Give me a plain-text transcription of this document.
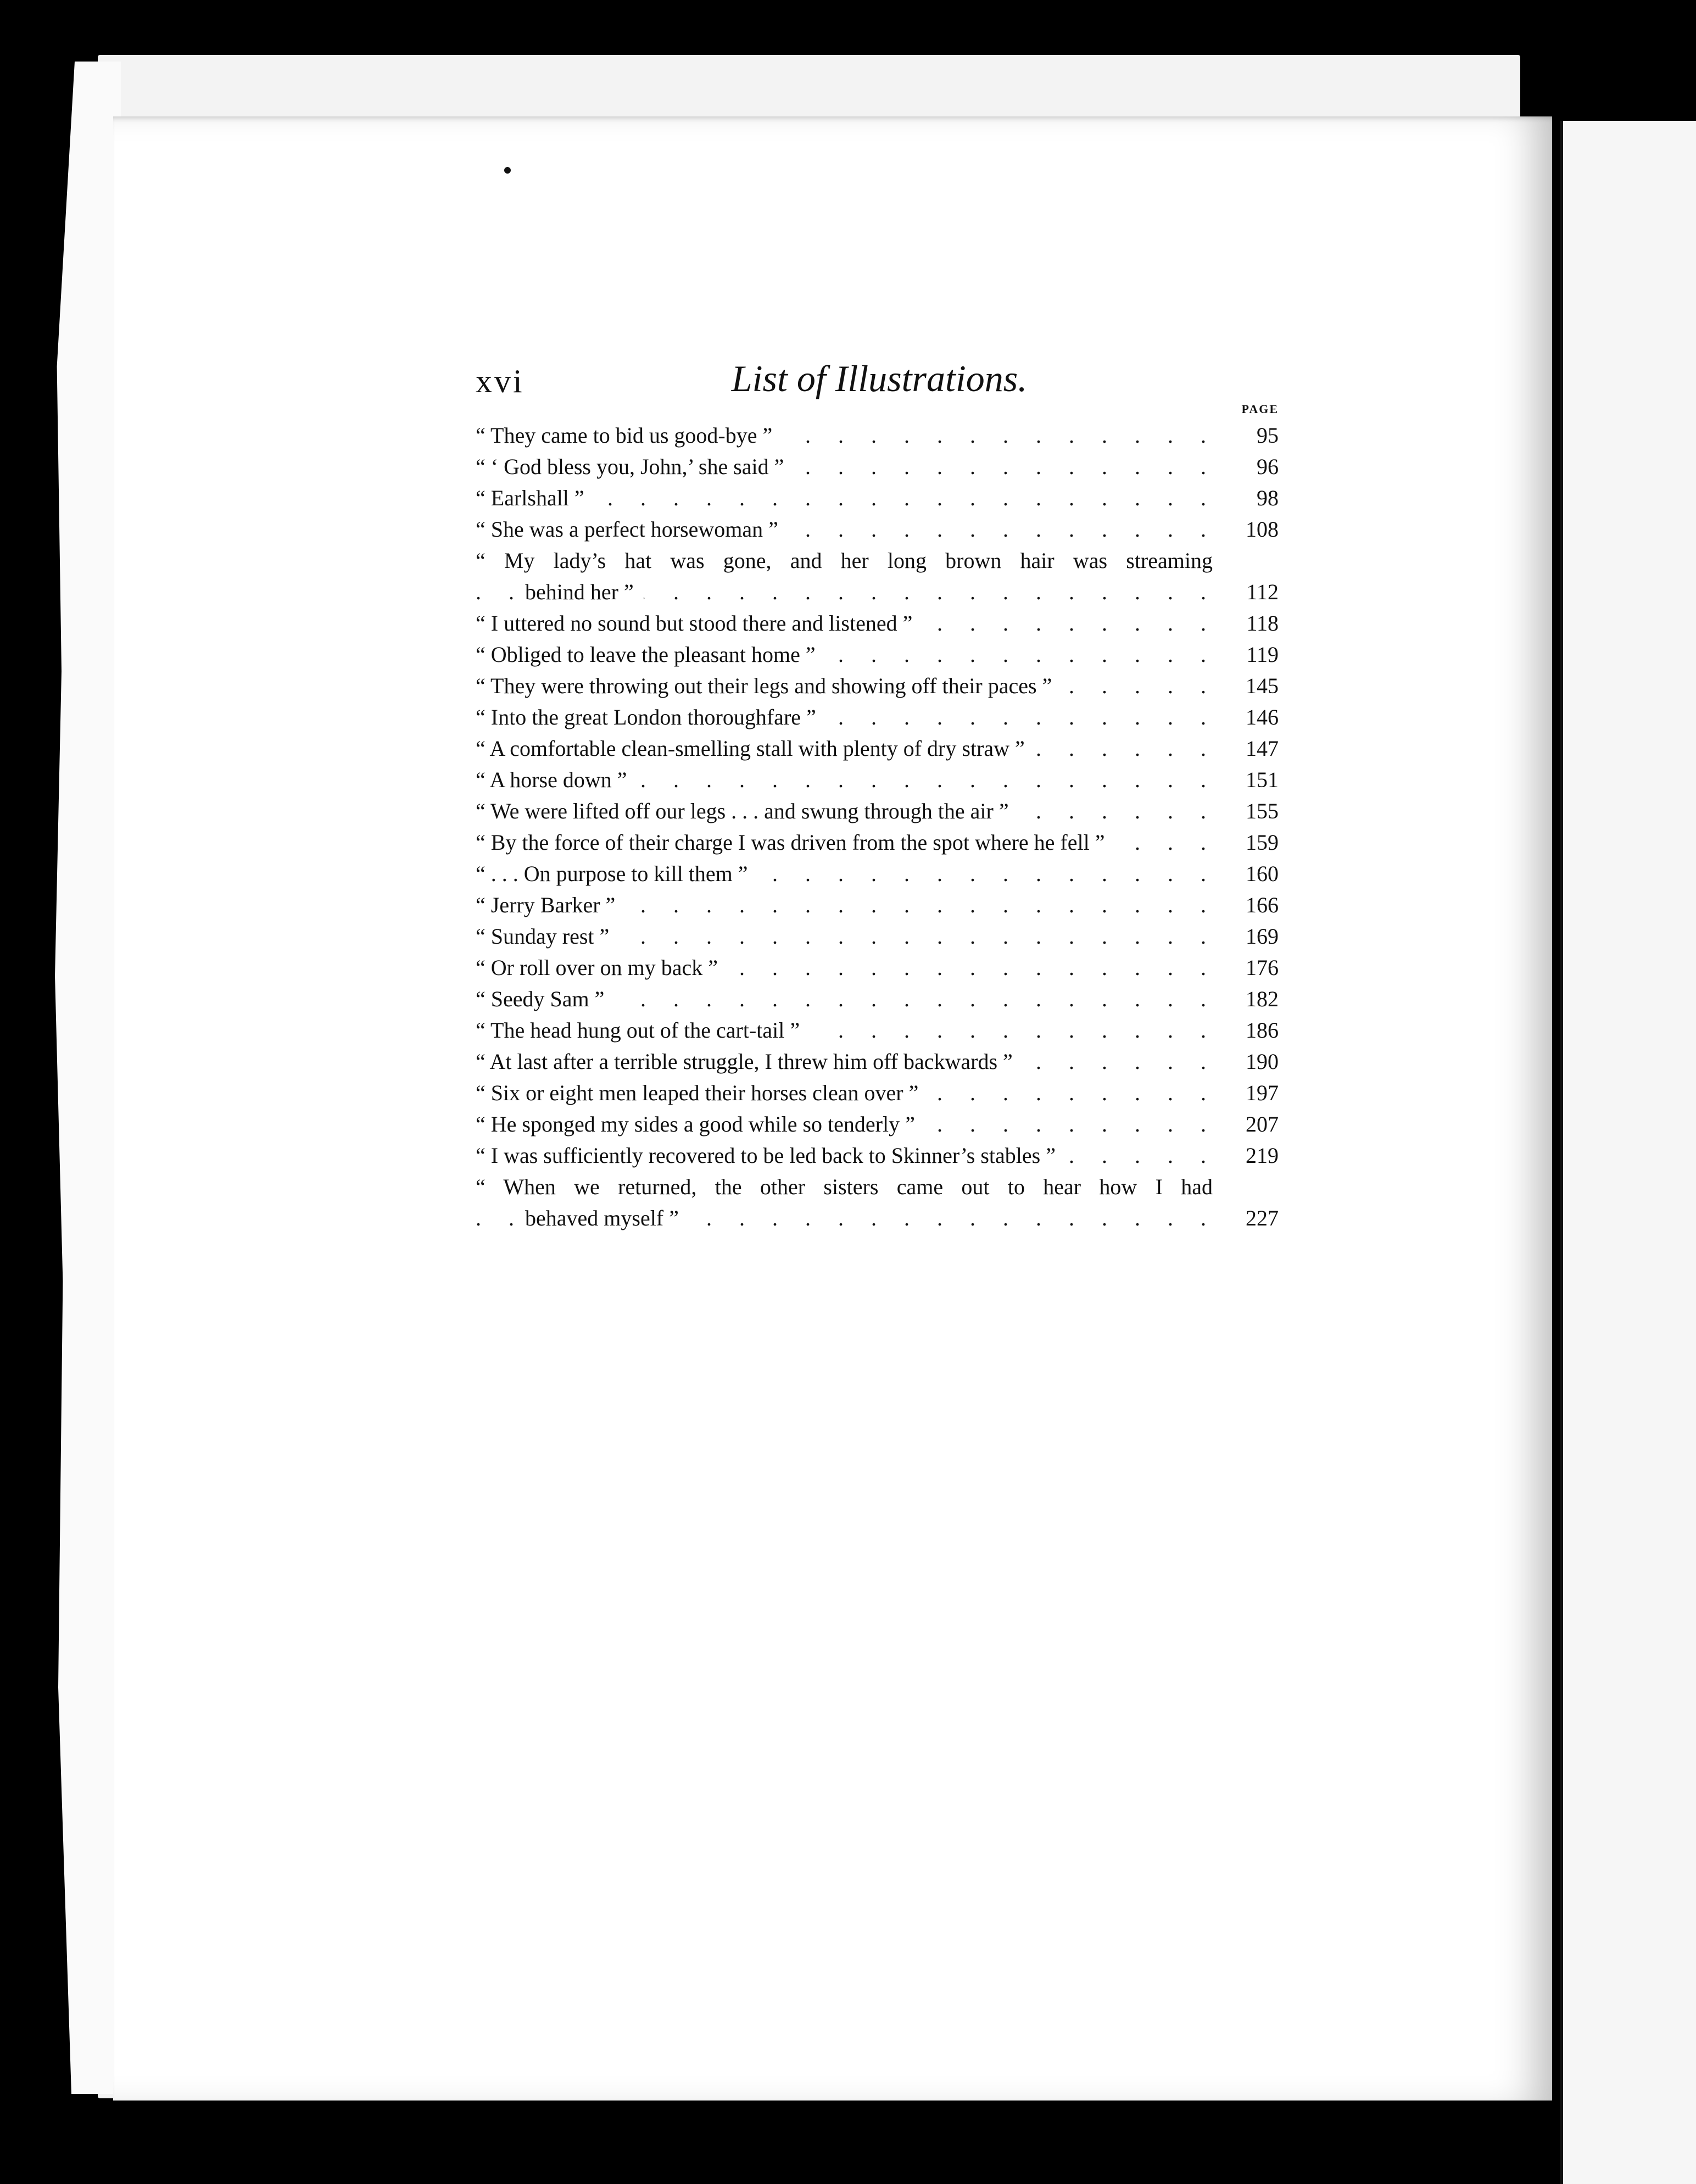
xvi	List of Illustrations.
PAGE
“ They came to bid us good-bye ” . . .	95
“ ‘ God bless you, John,’ she said ” . . .	96
“ Earlshall ” . . .	98
“ She was a perfect horsewoman ” . . .	108
“ My lady’s hat was gone, and her long brown hair was streaming
behind her ” . . .	112
“ I uttered no sound but stood there and listened ” . . .	118
“ Obliged to leave the pleasant home ” . . .	119
“ They were throwing out their legs and showing off their paces ” . . .	145
“ Into the great London thoroughfare ” . . .	146
“ A comfortable clean-smelling stall with plenty of dry straw ” . . .	147
“ A horse down ” . . .	151
“ We were lifted off our legs . . . and swung through the air ” . . .	155
“ By the force of their charge I was driven from the spot where he fell ” . . .	159
“ . . . On purpose to kill them ” . . .	160
“ Jerry Barker ” . . .	166
“ Sunday rest ” . . .	169
“ Or roll over on my back ” . . .	176
“ Seedy Sam ” . . .	182
“ The head hung out of the cart-tail ” . . .	186
“ At last after a terrible struggle, I threw him off backwards ” . . .	190
“ Six or eight men leaped their horses clean over ” . . .	197
“ He sponged my sides a good while so tenderly ” . . .	207
“ I was sufficiently recovered to be led back to Skinner’s stables ” . . .	219
“ When we returned, the other sisters came out to hear how I had
behaved myself ” . . .	227
